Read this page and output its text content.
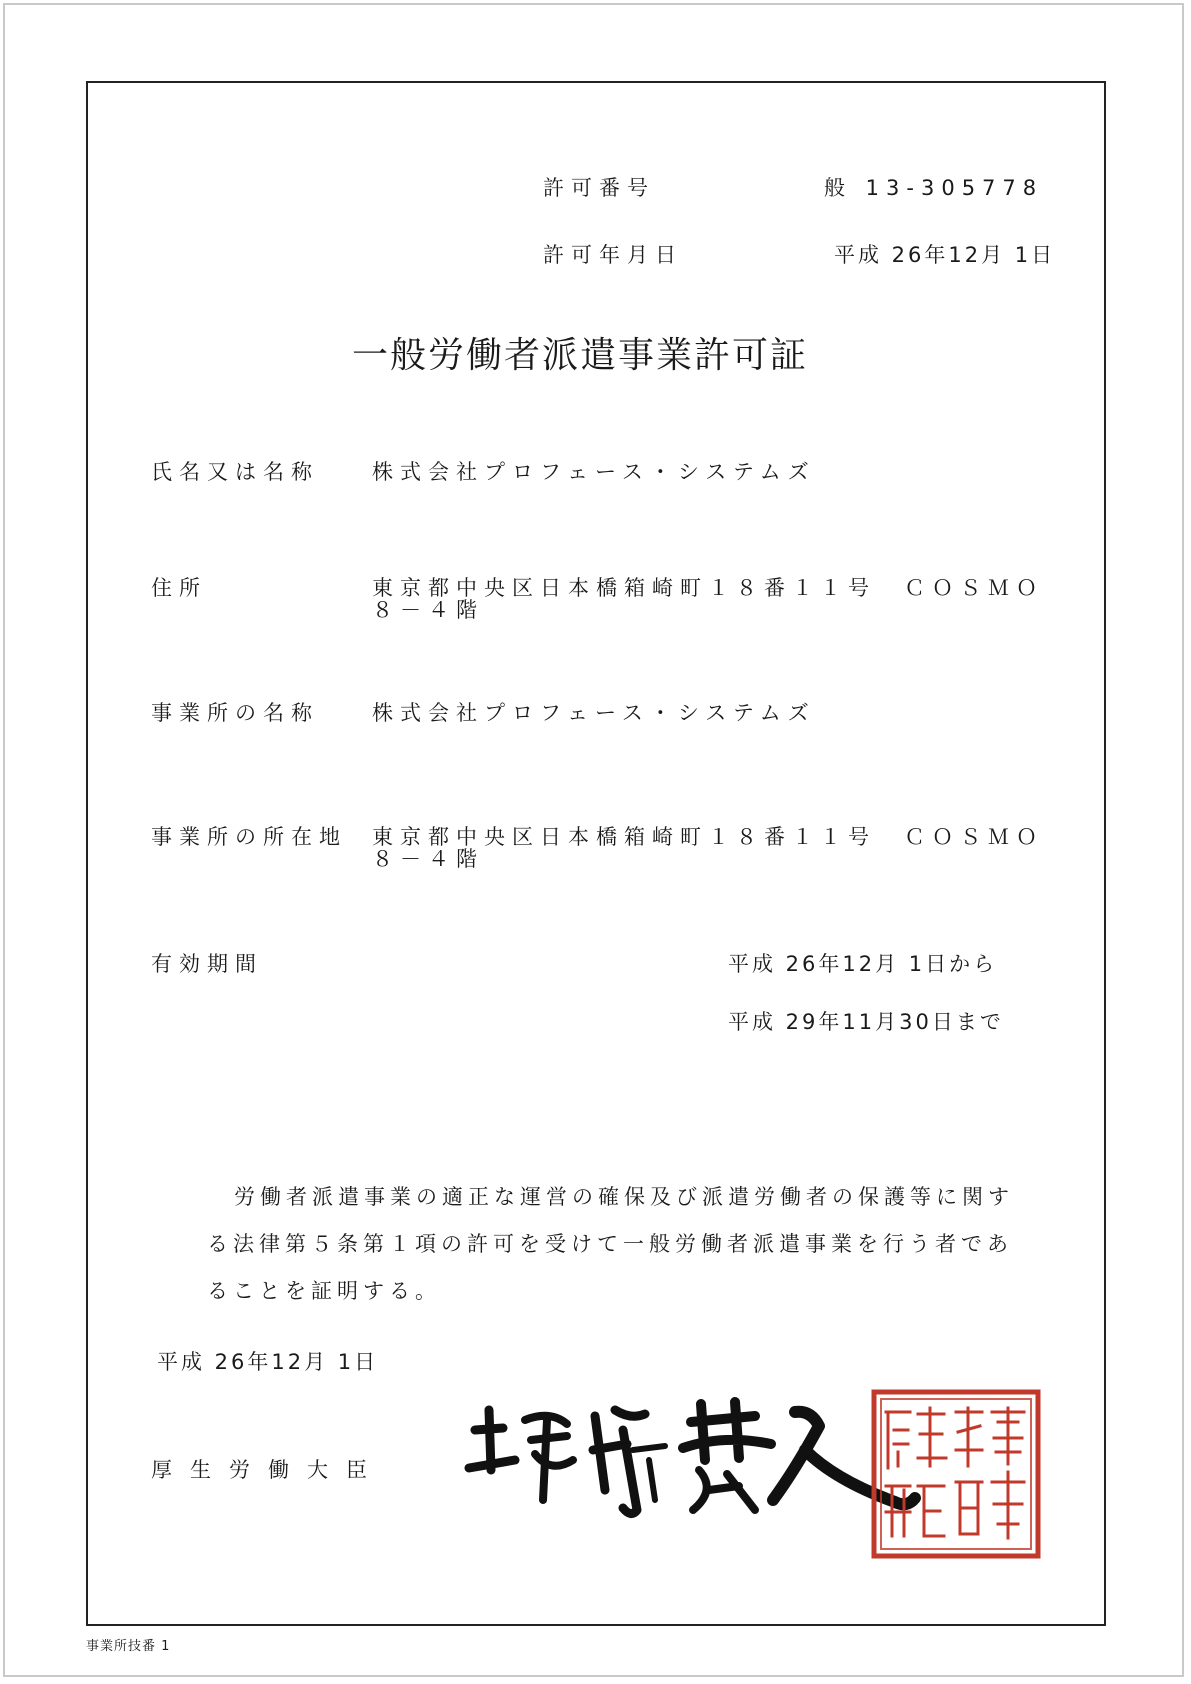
許可番号	般 13-305778
許可年月日	平成 26年12月 1日
一般労働者派遣事業許可証
氏名又は名称	株式会社プロフェース・システムズ
住所	東京都中央区日本橋箱崎町１８番１１号　ＣＯＳＭＯ
８－４階
事業所の名称	株式会社プロフェース・システムズ
事業所の所在地 東京都中央区日本橋箱崎町１８番１１号　ＣＯＳＭＯ
８－４階
有効期間	平成 26年12月 1日から
平成 29年11月30日まで
労働者派遣事業の適正な運営の確保及び派遣労働者の保護等に関する法律第５条第１項の許可を受けて一般労働者派遣事業を行う者であることを証明する。
平成 26年12月 1日
厚生労働大臣
事業所技番 1
